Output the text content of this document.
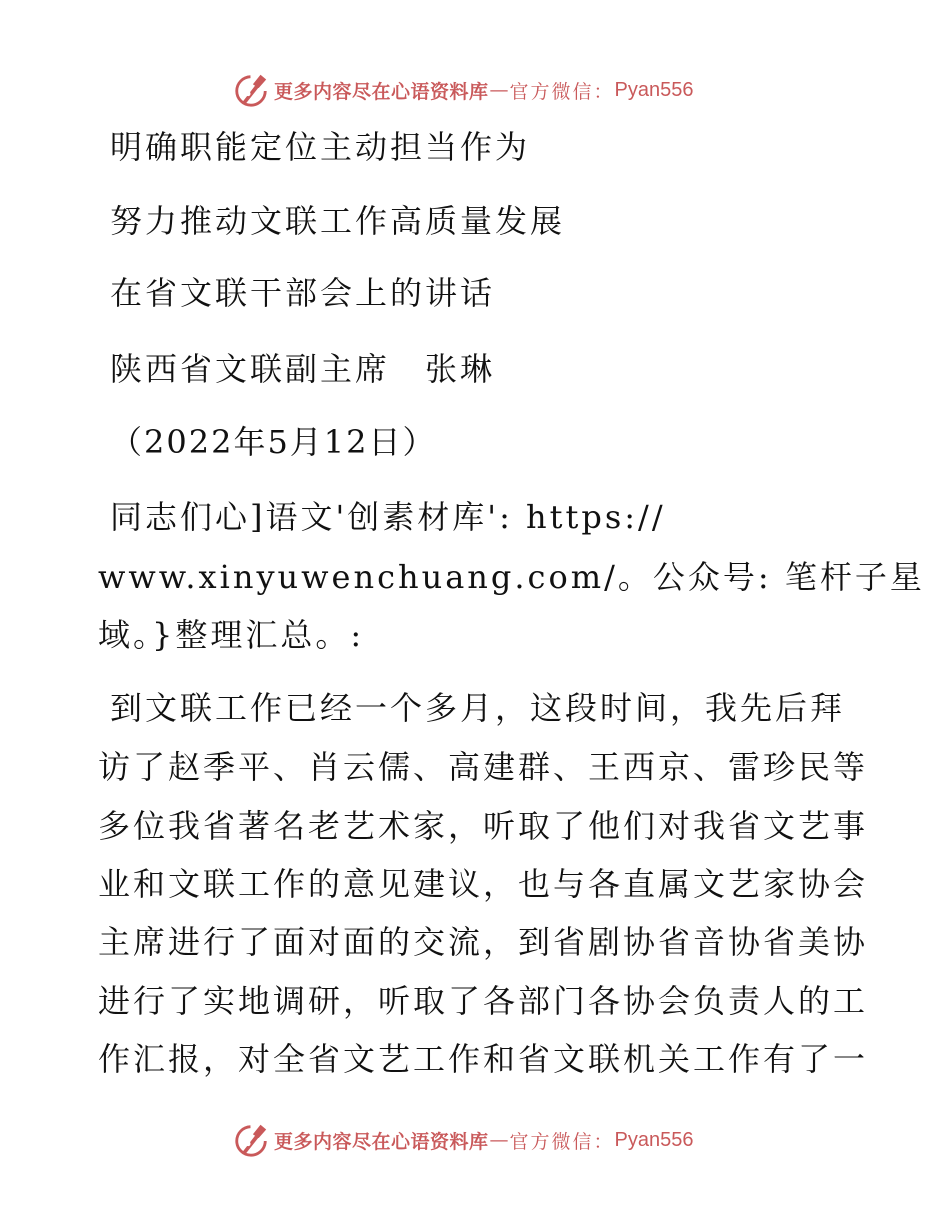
更多内容尽在心语资料库 — 官方微信： Pyan556
明确职能定位主动担当作为
努力推动文联工作高质量发展
在省文联干部会上的讲话
陕西省文联副主席　张琳
（2022年5月12日）
同志们心]语文'创素材库': https://
www.xinyuwenchuang.com/。公众号: 笔杆子星
域。}整理汇总。:
到文联工作已经一个多月，这段时间，我先后拜
访了赵季平、肖云儒、高建群、王西京、雷珍民等
多位我省著名老艺术家，听取了他们对我省文艺事
业和文联工作的意见建议，也与各直属文艺家协会
主席进行了面对面的交流，到省剧协省音协省美协
进行了实地调研，听取了各部门各协会负责人的工
作汇报，对全省文艺工作和省文联机关工作有了一
更多内容尽在心语资料库 — 官方微信： Pyan556
